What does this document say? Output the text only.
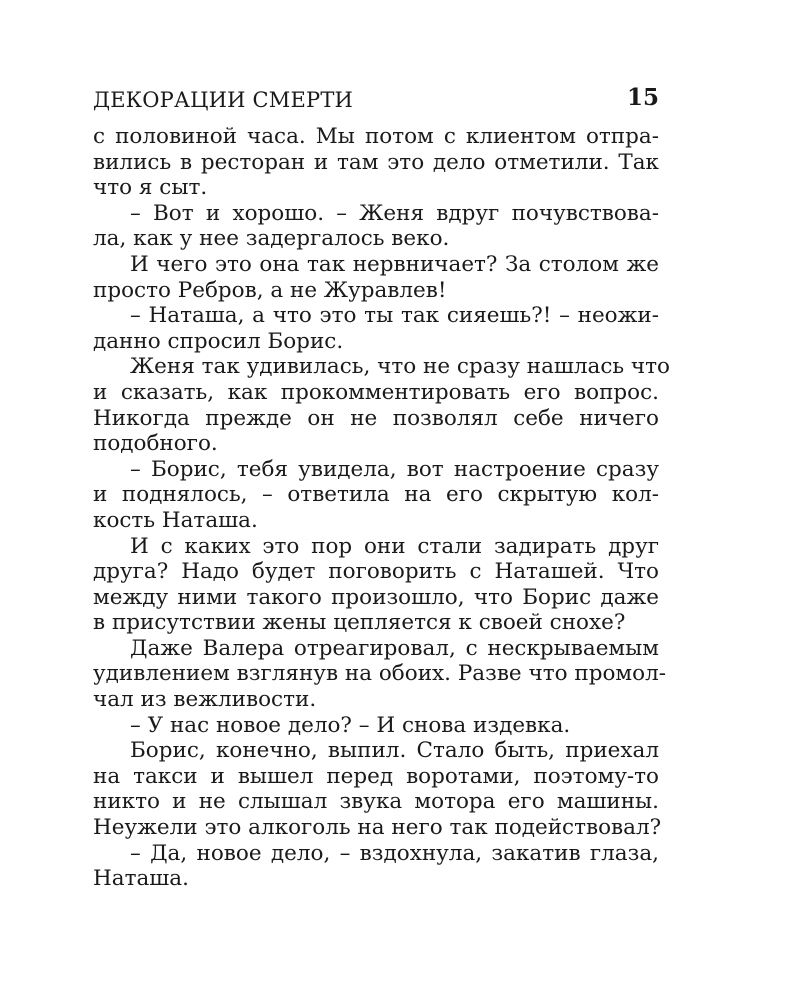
ДЕКОРАЦИИ СМЕРТИ	15
с половиной часа. Мы потом с клиентом отпра-
вились в ресторан и там это дело отметили. Так
что я сыт.
– Вот и хорошо. – Женя вдруг почувствова-
ла, как у нее задергалось веко.
И чего это она так нервничает? За столом же
просто Ребров, а не Журавлев!
– Наташа, а что это ты так сияешь?! – неожи-
данно спросил Борис.
Женя так удивилась, что не сразу нашлась что
и сказать, как прокомментировать его вопрос.
Никогда прежде он не позволял себе ничего
подобного.
– Борис, тебя увидела, вот настроение сразу
и поднялось, – ответила на его скрытую кол-
кость Наташа.
И с каких это пор они стали задирать друг
друга? Надо будет поговорить с Наташей. Что
между ними такого произошло, что Борис даже
в присутствии жены цепляется к своей снохе?
Даже Валера отреагировал, с нескрываемым
удивлением взглянув на обоих. Разве что промол-
чал из вежливости.
– У нас новое дело? – И снова издевка.
Борис, конечно, выпил. Стало быть, приехал
на такси и вышел перед воротами, поэтому-то
никто и не слышал звука мотора его машины.
Неужели это алкоголь на него так подействовал?
– Да, новое дело, – вздохнула, закатив глаза,
Наташа.
